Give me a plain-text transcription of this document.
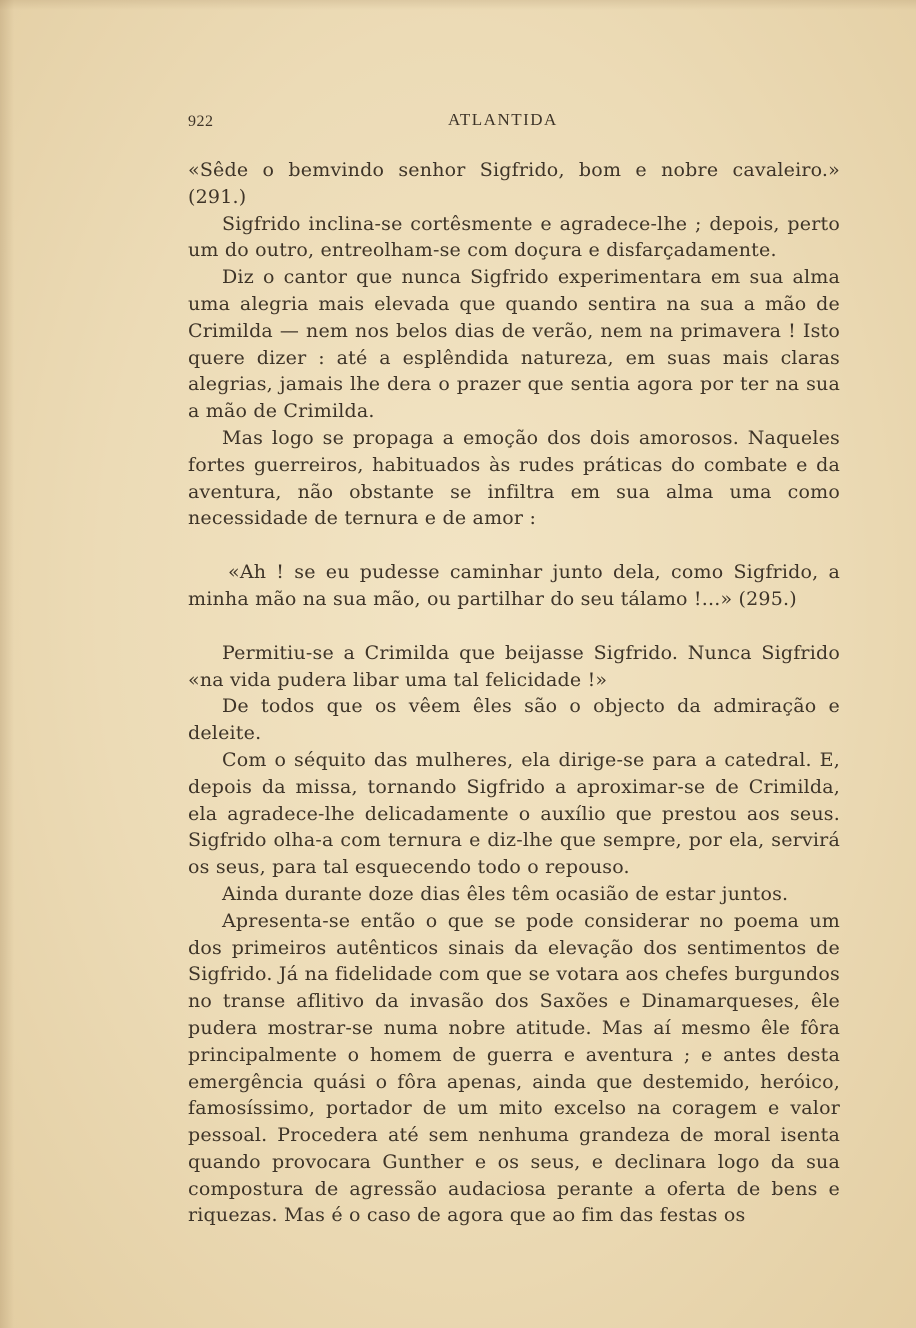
922	ATLANTIDA

«Sêde o bemvindo senhor Sigfrido, bom e nobre cavaleiro.» (291.)

Sigfrido inclina-se cortêsmente e agradece-lhe ; depois, perto um do outro, entreolham-se com doçura e disfarçadamente.

Diz o cantor que nunca Sigfrido experimentara em sua alma uma alegria mais elevada que quando sentira na sua a mão de Crimilda — nem nos belos dias de verão, nem na primavera ! Isto quere dizer : até a esplêndida natureza, em suas mais claras alegrias, jamais lhe dera o prazer que sentia agora por ter na sua a mão de Crimilda.

Mas logo se propaga a emoção dos dois amorosos. Naqueles fortes guerreiros, habituados às rudes práticas do combate e da aventura, não obstante se infiltra em sua alma uma como necessidade de ternura e de amor :

«Ah ! se eu pudesse caminhar junto dela, como Sigfrido, a minha mão na sua mão, ou partilhar do seu tálamo !...» (295.)

Permitiu-se a Crimilda que beijasse Sigfrido. Nunca Sigfrido «na vida pudera libar uma tal felicidade !»

De todos que os vêem êles são o objecto da admiração e deleite.

Com o séquito das mulheres, ela dirige-se para a catedral. E, depois da missa, tornando Sigfrido a aproximar-se de Crimilda, ela agradece-lhe delicadamente o auxílio que prestou aos seus. Sigfrido olha-a com ternura e diz-lhe que sempre, por ela, servirá os seus, para tal esquecendo todo o repouso.

Ainda durante doze dias êles têm ocasião de estar juntos.

Apresenta-se então o que se pode considerar no poema um dos primeiros autênticos sinais da elevação dos sentimentos de Sigfrido. Já na fidelidade com que se votara aos chefes burgundos no transe aflitivo da invasão dos Saxões e Dinamarqueses, êle pudera mostrar-se numa nobre atitude. Mas aí mesmo êle fôra principalmente o homem de guerra e aventura ; e antes desta emergência quási o fôra apenas, ainda que destemido, heróico, famosíssimo, portador de um mito excelso na coragem e valor pessoal. Procedera até sem nenhuma grandeza de moral isenta quando provocara Gunther e os seus, e declinara logo da sua compostura de agressão audaciosa perante a oferta de bens e riquezas. Mas é o caso de agora que ao fim das festas os
